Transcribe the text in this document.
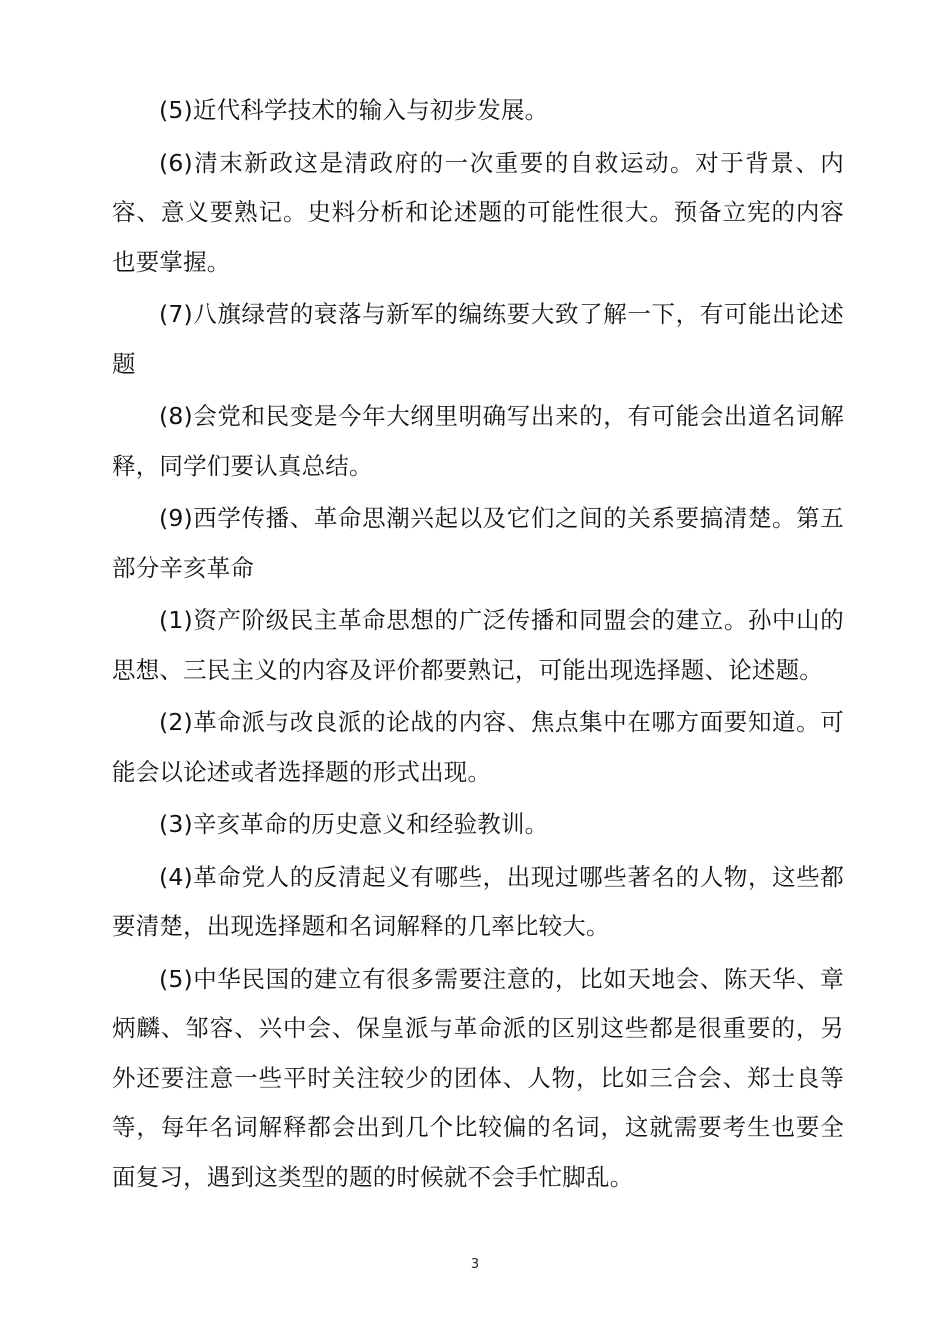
(5)近代科学技术的输入与初步发展。

(6)清末新政这是清政府的一次重要的自救运动。对于背景、内容、意义要熟记。史料分析和论述题的可能性很大。预备立宪的内容也要掌握。

(7)八旗绿营的衰落与新军的编练要大致了解一下，有可能出论述题

(8)会党和民变是今年大纲里明确写出来的，有可能会出道名词解释，同学们要认真总结。

(9)西学传播、革命思潮兴起以及它们之间的关系要搞清楚。第五部分辛亥革命

(1)资产阶级民主革命思想的广泛传播和同盟会的建立。孙中山的思想、三民主义的内容及评价都要熟记，可能出现选择题、论述题。

(2)革命派与改良派的论战的内容、焦点集中在哪方面要知道。可能会以论述或者选择题的形式出现。

(3)辛亥革命的历史意义和经验教训。

(4)革命党人的反清起义有哪些，出现过哪些著名的人物，这些都要清楚，出现选择题和名词解释的几率比较大。

(5)中华民国的建立有很多需要注意的，比如天地会、陈天华、章炳麟、邹容、兴中会、保皇派与革命派的区别这些都是很重要的，另外还要注意一些平时关注较少的团体、人物，比如三合会、郑士良等等，每年名词解释都会出到几个比较偏的名词，这就需要考生也要全面复习，遇到这类型的题的时候就不会手忙脚乱。

3
